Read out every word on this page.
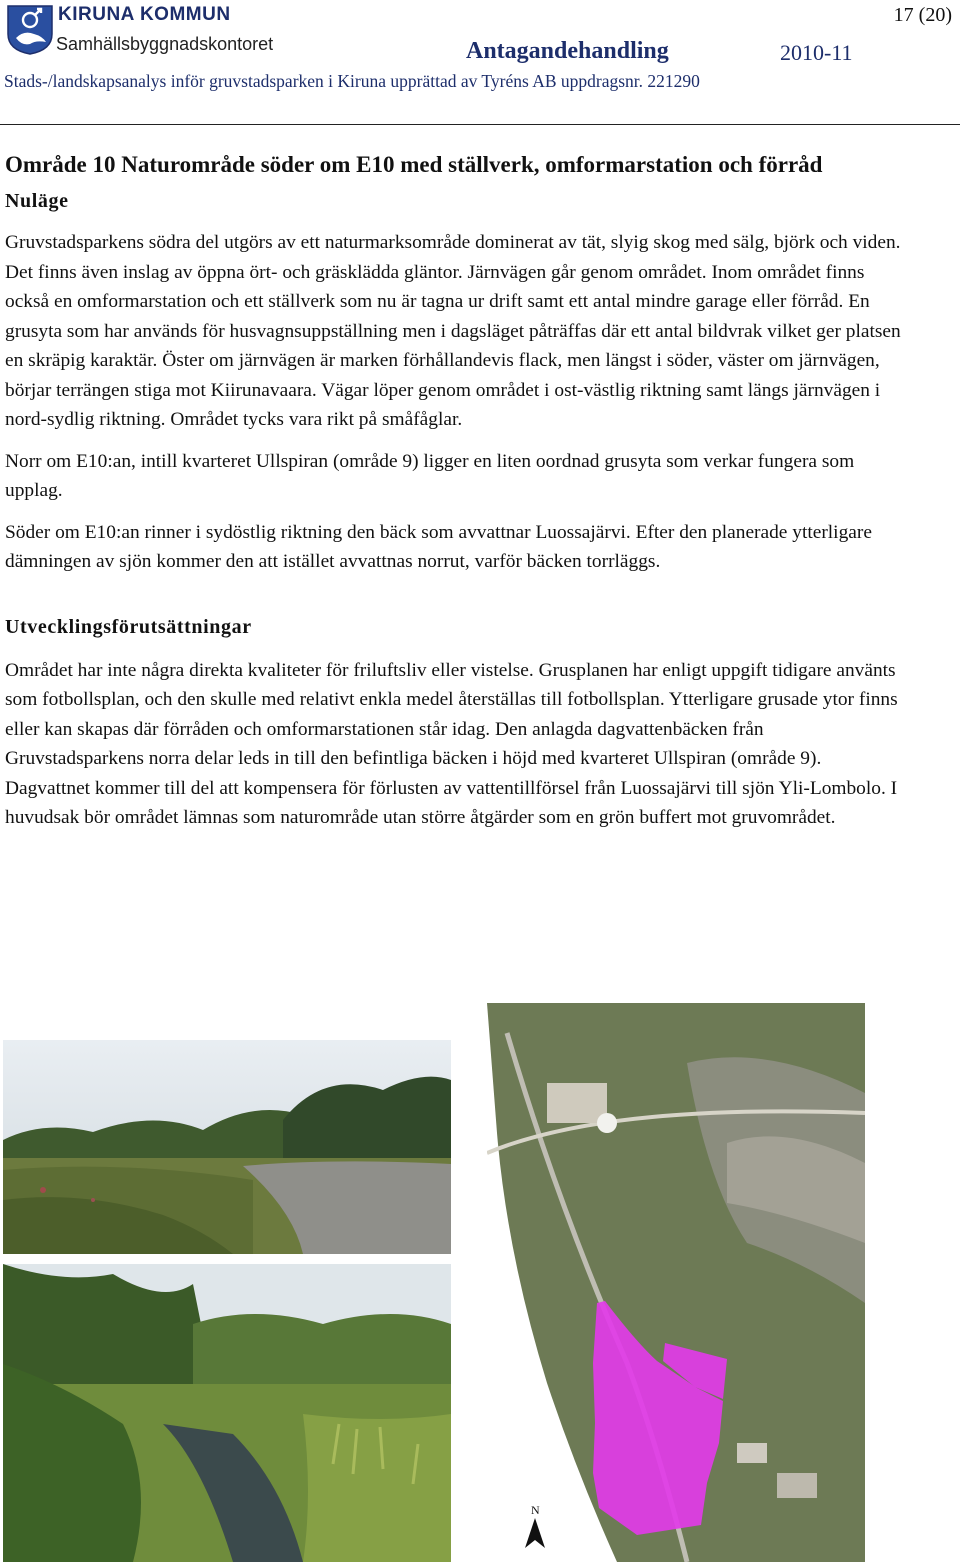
KIRUNA KOMMUN
Samhällsbyggnadskontoret
17 (20)
Antagandehandling	2010-11
Stads-/landskapsanalys inför gruvstadsparken i Kiruna upprättad av Tyréns AB uppdragsnr. 221290
Område 10 Naturområde söder om E10 med ställverk, omformarstation och förråd
Nuläge

Gruvstadsparkens södra del utgörs av ett naturmarksområde dominerat av tät, slyig skog med sälg, björk och viden. Det finns även inslag av öppna ört- och gräsklädda gläntor. Järnvägen går genom området. Inom området finns också en omformarstation och ett ställverk som nu är tagna ur drift samt ett antal mindre garage eller förråd. En grusyta som har används för husvagnsuppställning men i dagsläget påträffas där ett antal bildvrak vilket ger platsen en skräpig karaktär. Öster om järnvägen är marken förhållandevis flack, men längst i söder, väster om järnvägen, börjar terrängen stiga mot Kiirunavaara. Vägar löper genom området i ost-västlig riktning samt längs järnvägen i nord-sydlig riktning. Området tycks vara rikt på småfåglar.

Norr om E10:an, intill kvarteret Ullspiran (område 9) ligger en liten oordnad grusyta som verkar fungera som upplag.

Söder om E10:an rinner i sydöstlig riktning den bäck som avvattnar Luossajärvi. Efter den planerade ytterligare dämningen av sjön kommer den att istället avvattnas norrut, varför bäcken torrläggs.

Utvecklingsförutsättningar

Området har inte några direkta kvaliteter för friluftsliv eller vistelse. Grusplanen har enligt uppgift tidigare använts som fotbollsplan, och den skulle med relativt enkla medel återställas till fotbollsplan. Ytterligare grusade ytor finns eller kan skapas där förråden och omformarstationen står idag. Den anlagda dagvattenbäcken från Gruvstadsparkens norra delar leds in till den befintliga bäcken i höjd med kvarteret Ullspiran (område 9). Dagvattnet kommer till del att kompensera för förlusten av vattentillförsel från Luossajärvi till sjön Yli-Lombolo. I huvudsak bör området lämnas som naturområde utan större åtgärder som en grön buffert mot gruvområdet.

N
